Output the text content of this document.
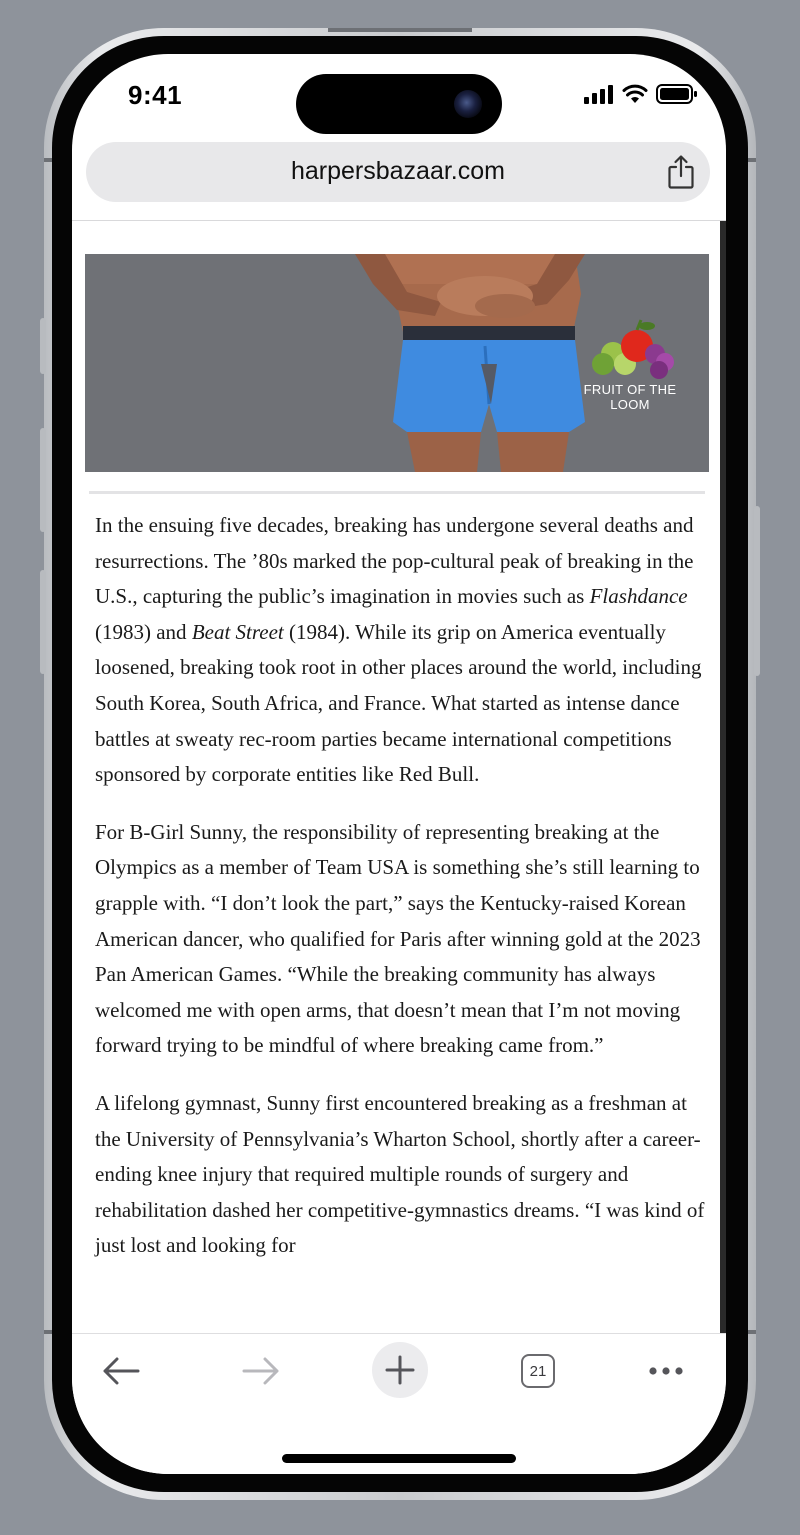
9:41
harpersbazaar.com
FRUIT OF THE LOOM

In the ensuing five decades, breaking has undergone several deaths and resurrections. The ’80s marked the pop-cultural peak of breaking in the U.S., capturing the public’s imagination in movies such as Flashdance (1983) and Beat Street (1984). While its grip on America eventually loosened, breaking took root in other places around the world, including South Korea, South Africa, and France. What started as intense dance battles at sweaty rec-room parties became international competitions sponsored by corporate entities like Red Bull.

For B-Girl Sunny, the responsibility of representing breaking at the Olympics as a member of Team USA is something she’s still learning to grapple with. “I don’t look the part,” says the Kentucky-raised Korean American dancer, who qualified for Paris after winning gold at the 2023 Pan American Games. “While the breaking community has always welcomed me with open arms, that doesn’t mean that I’m not moving forward trying to be mindful of where breaking came from.”

A lifelong gymnast, Sunny first encountered breaking as a freshman at the University of Pennsylvania’s Wharton School, shortly after a career-ending knee injury that required multiple rounds of surgery and rehabilitation dashed her competitive-gymnastics dreams. “I was kind of just lost and looking for

21
